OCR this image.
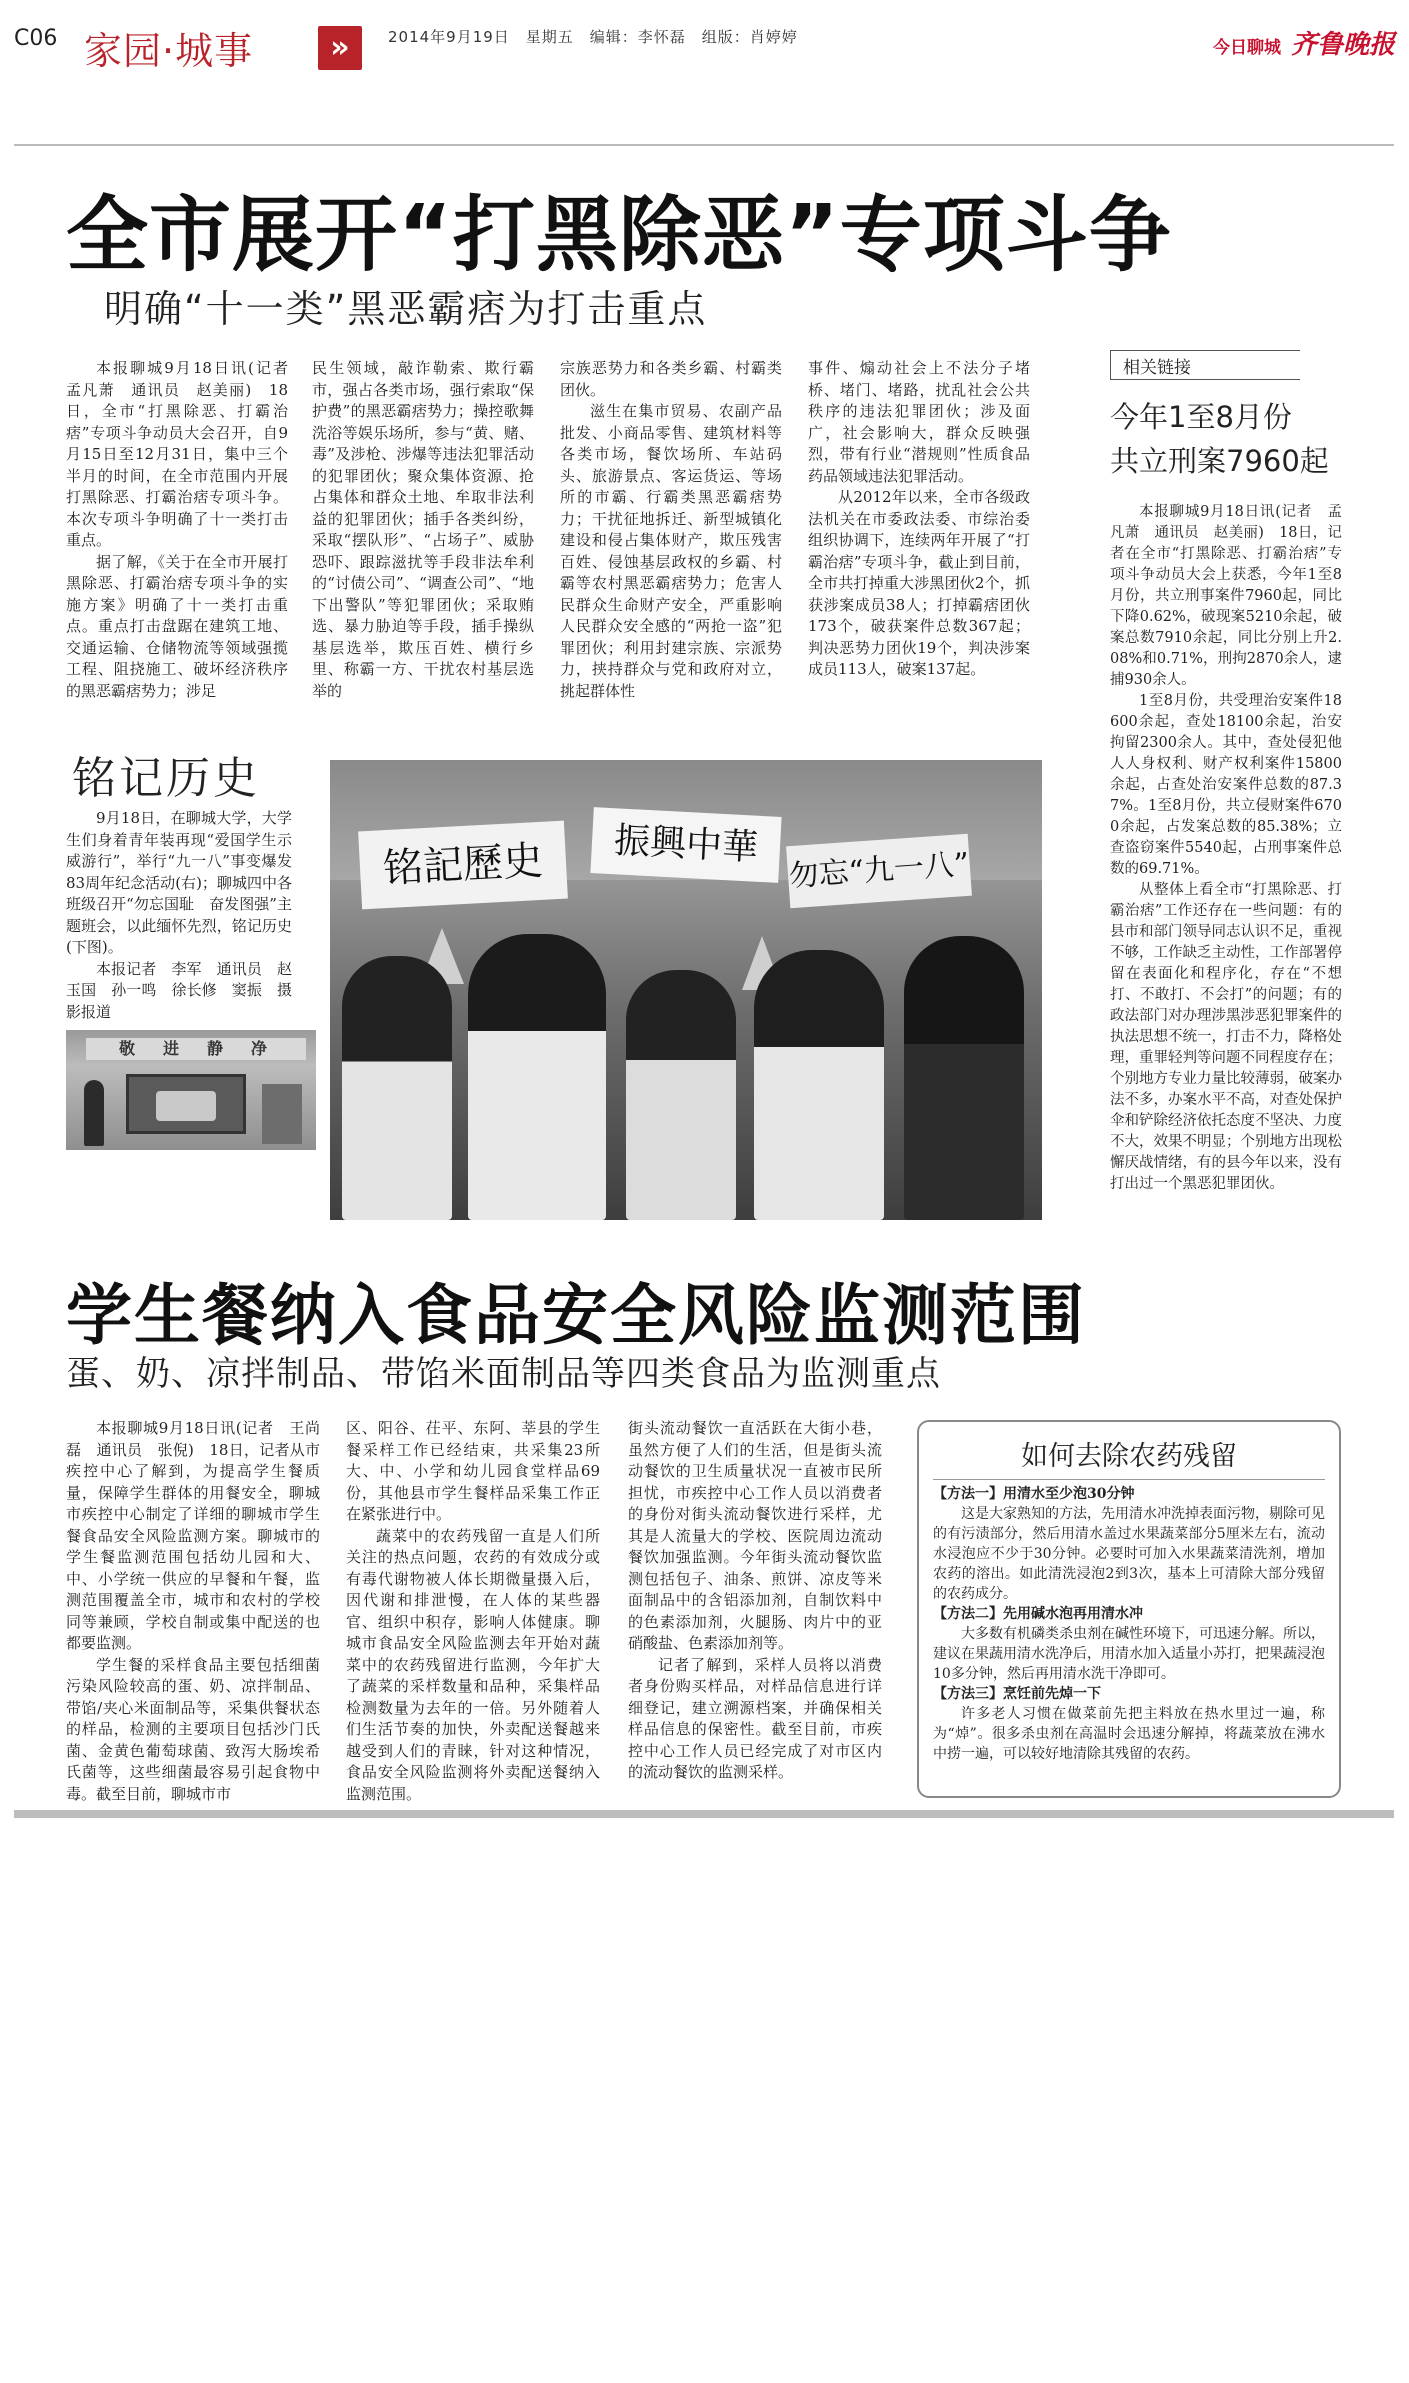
C06 家园·城事	»	2014年9月19日　星期五　编辑：李怀磊　组版：肖婷婷
今日聊城 齐鲁晚报
全市展开“打黑除恶”专项斗争
明确“十一类”黑恶霸痞为打击重点

本报聊城9月18日讯(记者　孟凡萧　通讯员　赵美丽)　18日，全市“打黑除恶、打霸治痞”专项斗争动员大会召开，自9月15日至12月31日，集中三个半月的时间，在全市范围内开展打黑除恶、打霸治痞专项斗争。本次专项斗争明确了十一类打击重点。

据了解，《关于在全市开展打黑除恶、打霸治痞专项斗争的实施方案》明确了十一类打击重点。重点打击盘踞在建筑工地、交通运输、仓储物流等领域强揽工程、阻挠施工、破坏经济秩序的黑恶霸痞势力；涉足

民生领域，敲诈勒索、欺行霸市，强占各类市场，强行索取“保护费”的黑恶霸痞势力；操控歌舞洗浴等娱乐场所，参与“黄、赌、毒”及涉枪、涉爆等违法犯罪活动的犯罪团伙；聚众集体资源、抢占集体和群众土地、牟取非法利益的犯罪团伙；插手各类纠纷，采取“摆队形”、“占场子”、威胁恐吓、跟踪滋扰等手段非法牟利的“讨债公司”、“调查公司”、“地下出警队”等犯罪团伙；采取贿选、暴力胁迫等手段，插手操纵基层选举，欺压百姓、横行乡里、称霸一方、干扰农村基层选举的

宗族恶势力和各类乡霸、村霸类团伙。

滋生在集市贸易、农副产品批发、小商品零售、建筑材料等各类市场，餐饮场所、车站码头、旅游景点、客运货运、等场所的市霸、行霸类黑恶霸痞势力；干扰征地拆迁、新型城镇化建设和侵占集体财产，欺压残害百姓、侵蚀基层政权的乡霸、村霸等农村黑恶霸痞势力；危害人民群众生命财产安全，严重影响人民群众安全感的“两抢一盗”犯罪团伙；利用封建宗族、宗派势力，挟持群众与党和政府对立，挑起群体性

事件、煽动社会上不法分子堵桥、堵门、堵路，扰乱社会公共秩序的违法犯罪团伙；涉及面广，社会影响大，群众反映强烈，带有行业“潜规则”性质食品药品领域违法犯罪活动。

从2012年以来，全市各级政法机关在市委政法委、市综治委组织协调下，连续两年开展了“打霸治痞”专项斗争，截止到目前，全市共打掉重大涉黑团伙2个，抓获涉案成员38人；打掉霸痞团伙173个，破获案件总数367起；判决恶势力团伙19个，判决涉案成员113人，破案137起。

相关链接
今年1至8月份
共立刑案7960起

本报聊城9月18日讯(记者　孟凡萧　通讯员　赵美丽)　18日，记者在全市“打黑除恶、打霸治痞”专项斗争动员大会上获悉，今年1至8月份，共立刑事案件7960起，同比下降0.62%，破现案5210余起，破案总数7910余起，同比分别上升2.08%和0.71%，刑拘2870余人，逮捕930余人。

1至8月份，共受理治安案件18600余起，查处18100余起，治安拘留2300余人。其中，查处侵犯他人人身权利、财产权利案件15800余起，占查处治安案件总数的87.37%。1至8月份，共立侵财案件6700余起，占发案总数的85.38%；立查盗窃案件5540起，占刑事案件总数的69.71%。

从整体上看全市“打黑除恶、打霸治痞”工作还存在一些问题：有的县市和部门领导同志认识不足，重视不够，工作缺乏主动性，工作部署停留在表面化和程序化，存在“不想打、不敢打、不会打”的问题；有的政法部门对办理涉黑涉恶犯罪案件的执法思想不统一，打击不力，降格处理，重罪轻判等问题不同程度存在；个别地方专业力量比较薄弱，破案办法不多，办案水平不高，对查处保护伞和铲除经济依托态度不坚决、力度不大，效果不明显；个别地方出现松懈厌战情绪，有的县今年以来，没有打出过一个黑恶犯罪团伙。

铭记历史

9月18日，在聊城大学，大学生们身着青年装再现“爱国学生示威游行”，举行“九一八”事变爆发83周年纪念活动(右)；聊城四中各班级召开“勿忘国耻　奋发图强”主题班会，以此缅怀先烈，铭记历史(下图)。

本报记者　李军　通讯员　赵玉国　孙一鸣　徐长修　窦振　摄影报道

敬　进　静　净
铭記歷史	振興中華
勿忘“九一八”
学生餐纳入食品安全风险监测范围
蛋、奶、凉拌制品、带馅米面制品等四类食品为监测重点

本报聊城9月18日讯(记者　王尚磊　通讯员　张倪)　18日，记者从市疾控中心了解到，为提高学生餐质量，保障学生群体的用餐安全，聊城市疾控中心制定了详细的聊城市学生餐食品安全风险监测方案。聊城市的学生餐监测范围包括幼儿园和大、中、小学统一供应的早餐和午餐，监测范围覆盖全市，城市和农村的学校同等兼顾，学校自制或集中配送的也都要监测。

学生餐的采样食品主要包括细菌污染风险较高的蛋、奶、凉拌制品、带馅/夹心米面制品等，采集供餐状态的样品，检测的主要项目包括沙门氏菌、金黄色葡萄球菌、致泻大肠埃希氏菌等，这些细菌最容易引起食物中毒。截至目前，聊城市市

区、阳谷、茌平、东阿、莘县的学生餐采样工作已经结束，共采集23所大、中、小学和幼儿园食堂样品69份，其他县市学生餐样品采集工作正在紧张进行中。

蔬菜中的农药残留一直是人们所关注的热点问题，农药的有效成分或有毒代谢物被人体长期微量摄入后，因代谢和排泄慢，在人体的某些器官、组织中积存，影响人体健康。聊城市食品安全风险监测去年开始对蔬菜中的农药残留进行监测，今年扩大了蔬菜的采样数量和品种，采集样品检测数量为去年的一倍。另外随着人们生活节奏的加快，外卖配送餐越来越受到人们的青睐，针对这种情况，食品安全风险监测将外卖配送餐纳入监测范围。

街头流动餐饮一直活跃在大街小巷，虽然方便了人们的生活，但是街头流动餐饮的卫生质量状况一直被市民所担忧，市疾控中心工作人员以消费者的身份对街头流动餐饮进行采样，尤其是人流量大的学校、医院周边流动餐饮加强监测。今年街头流动餐饮监测包括包子、油条、煎饼、凉皮等米面制品中的含铝添加剂，自制饮料中的色素添加剂，火腿肠、肉片中的亚硝酸盐、色素添加剂等。

记者了解到，采样人员将以消费者身份购买样品，对样品信息进行详细登记，建立溯源档案，并确保相关样品信息的保密性。截至目前，市疾控中心工作人员已经完成了对市区内的流动餐饮的监测采样。

如何去除农药残留

【方法一】用清水至少泡30分钟

这是大家熟知的方法，先用清水冲洗掉表面污物，剔除可见的有污渍部分，然后用清水盖过水果蔬菜部分5厘米左右，流动水浸泡应不少于30分钟。必要时可加入水果蔬菜清洗剂，增加农药的溶出。如此清洗浸泡2到3次，基本上可清除大部分残留的农药成分。

【方法二】先用碱水泡再用清水冲

大多数有机磷类杀虫剂在碱性环境下，可迅速分解。所以，建议在果蔬用清水洗净后，用清水加入适量小苏打，把果蔬浸泡10多分钟，然后再用清水洗干净即可。

【方法三】烹饪前先焯一下

许多老人习惯在做菜前先把主料放在热水里过一遍，称为“焯”。很多杀虫剂在高温时会迅速分解掉，将蔬菜放在沸水中捞一遍，可以较好地清除其残留的农药。
